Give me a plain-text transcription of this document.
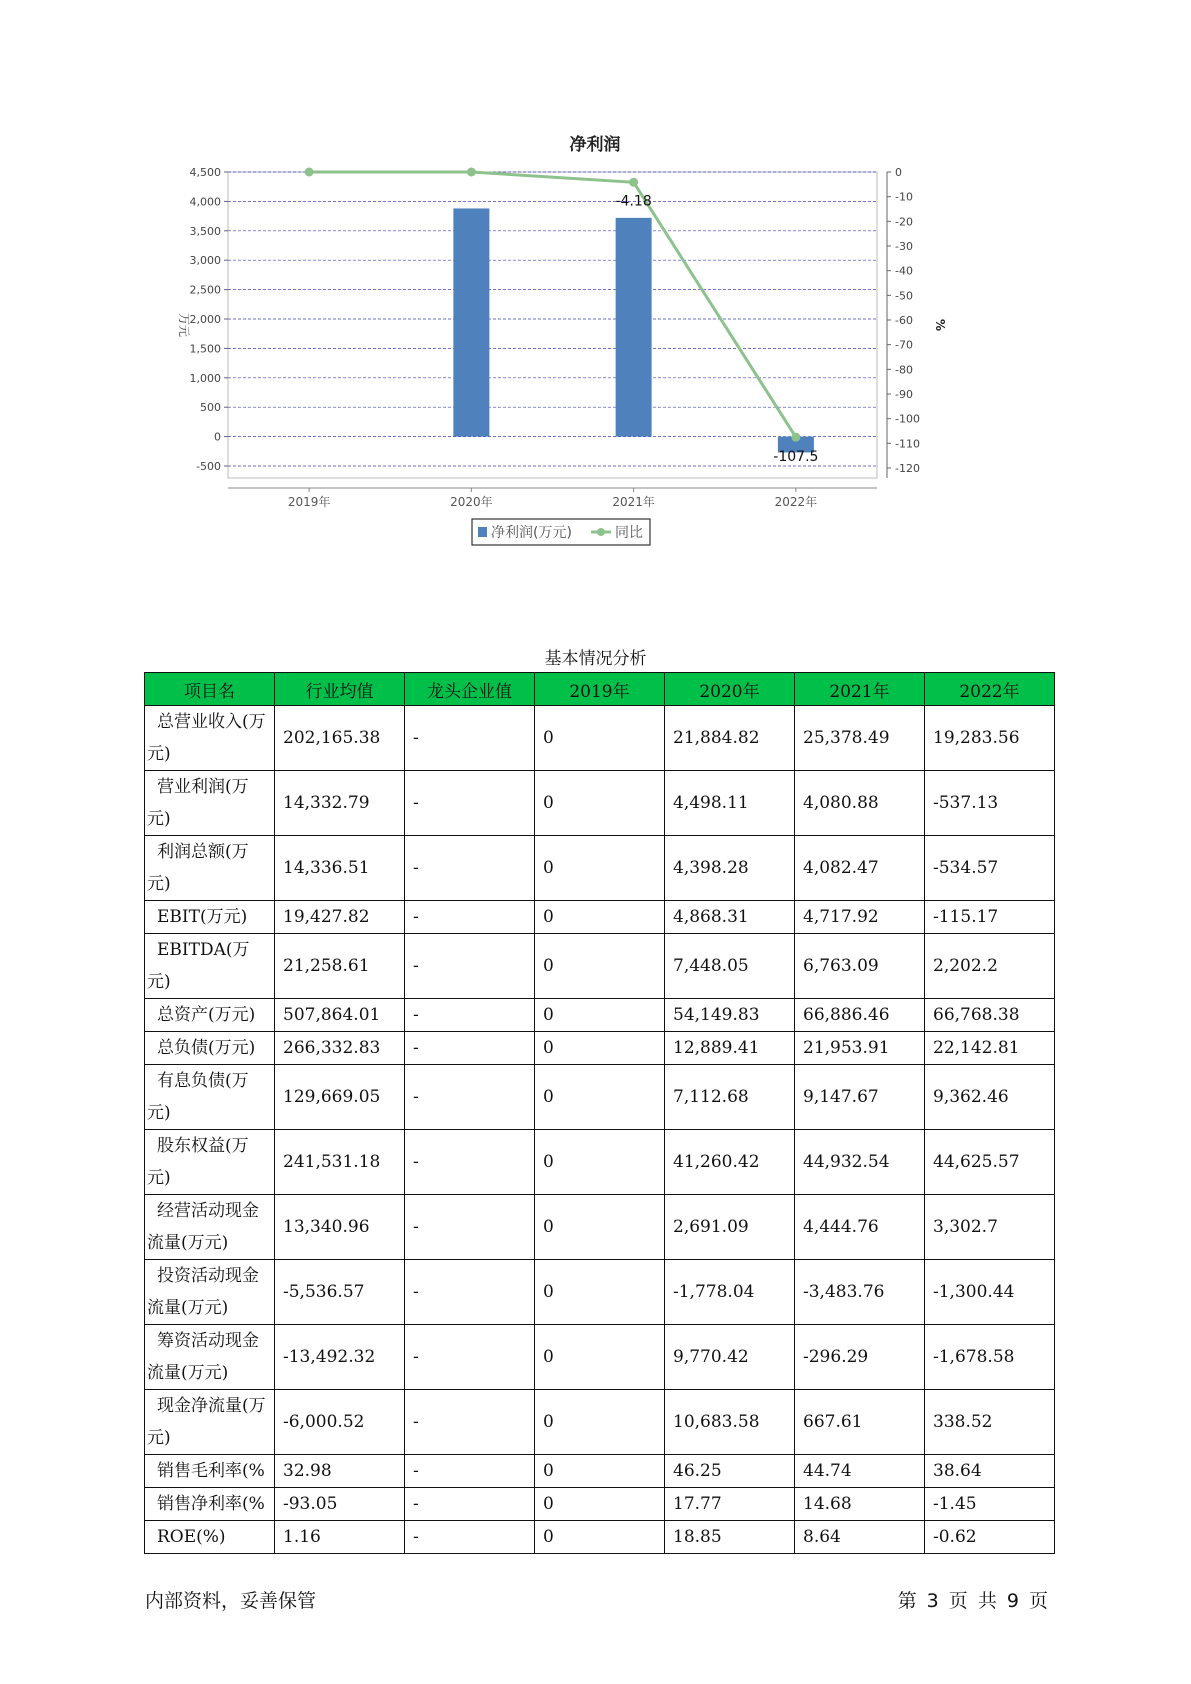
净利润
-4.18
-107.5
4,500
4,000
3,500
3,000
2,500
2,000
1,500
1,000
500
0
-500
0
-10
-20
-30
-40
-50
-60
-70
-80
-90
-100
-110
-120
2019年	2020年	2021年	2022年
万元	%
净利润(万元)	同比
基本情况分析
项目名	行业均值	龙头企业值	2019年	2020年	2021年	2022年
总营业收入(万元)	202,165.38	-	0	21,884.82	25,378.49	19,283.56
营业利润(万元)	14,332.79	-	0	4,498.11	4,080.88	-537.13
利润总额(万元)	14,336.51	-	0	4,398.28	4,082.47	-534.57
EBIT(万元)	19,427.82	-	0	4,868.31	4,717.92	-115.17
EBITDA(万元)	21,258.61	-	0	7,448.05	6,763.09	2,202.2
总资产(万元)	507,864.01	-	0	54,149.83	66,886.46	66,768.38
总负债(万元)	266,332.83	-	0	12,889.41	21,953.91	22,142.81
有息负债(万元)	129,669.05	-	0	7,112.68	9,147.67	9,362.46
股东权益(万元)	241,531.18	-	0	41,260.42	44,932.54	44,625.57
经营活动现金流量(万元)	13,340.96	-	0	2,691.09	4,444.76	3,302.7
投资活动现金流量(万元)	-5,536.57	-	0	-1,778.04	-3,483.76	-1,300.44
筹资活动现金流量(万元)	-13,492.32	-	0	9,770.42	-296.29	-1,678.58
现金净流量(万元)	-6,000.52	-	0	10,683.58	667.61	338.52
销售毛利率(%	32.98	-	0	46.25	44.74	38.64
销售净利率(%	-93.05	-	0	17.77	14.68	-1.45
ROE(%)	1.16	-	0	18.85	8.64	-0.62
内部资料，妥善保管	第 3 页 共 9 页
